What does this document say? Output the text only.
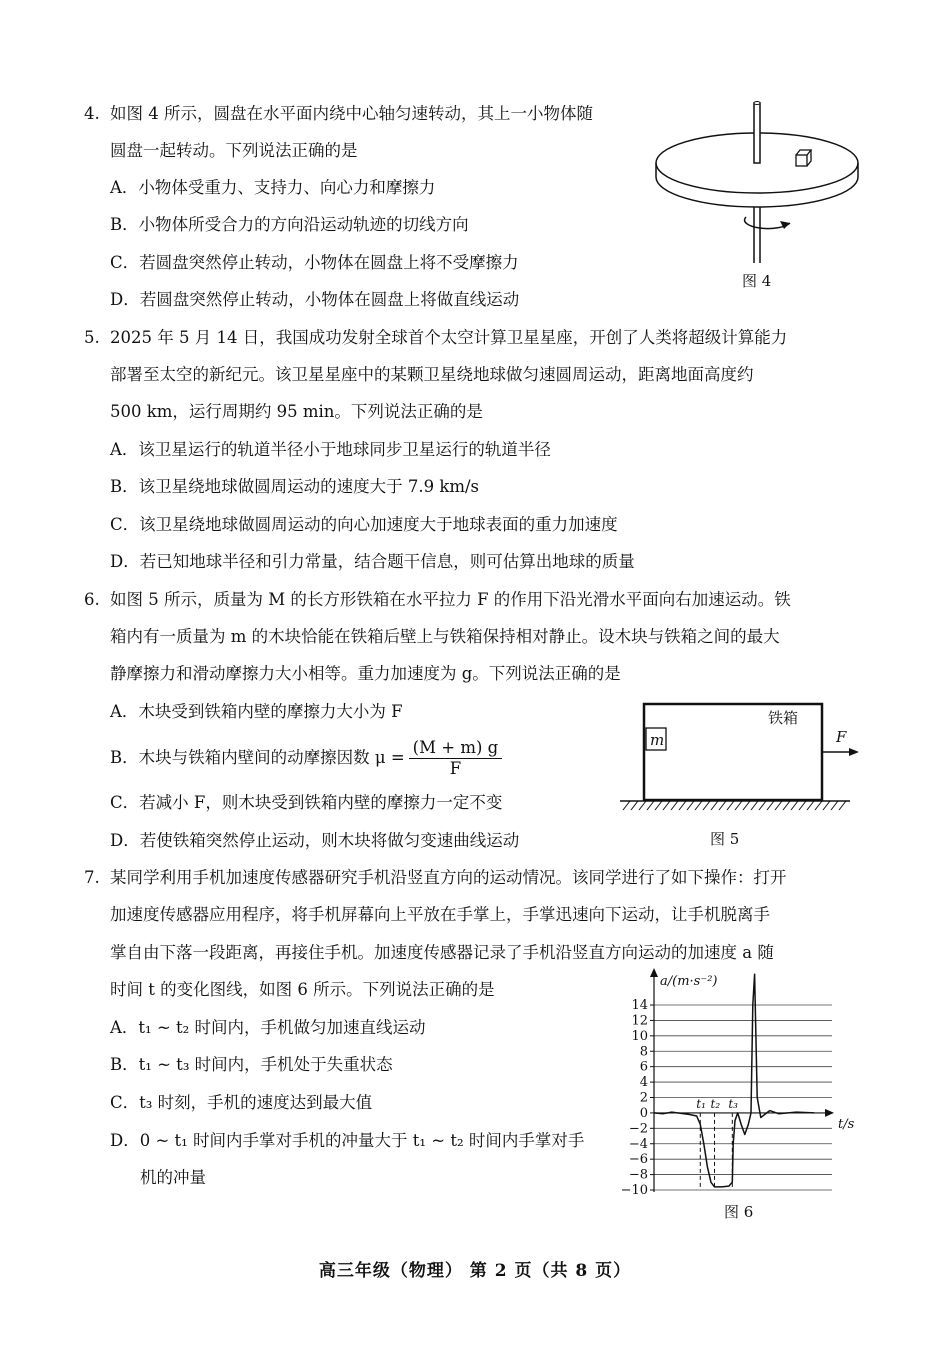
4. 如图 4 所示，圆盘在水平面内绕中心轴匀速转动，其上一小物体随
圆盘一起转动。下列说法正确的是
A．小物体受重力、支持力、向心力和摩擦力
B．小物体所受合力的方向沿运动轨迹的切线方向
C．若圆盘突然停止转动，小物体在圆盘上将不受摩擦力
D．若圆盘突然停止转动，小物体在圆盘上将做直线运动
图 4
5. 2025 年 5 月 14 日，我国成功发射全球首个太空计算卫星星座，开创了人类将超级计算能力
部署至太空的新纪元。该卫星星座中的某颗卫星绕地球做匀速圆周运动，距离地面高度约
500 km，运行周期约 95 min。下列说法正确的是
A．该卫星运行的轨道半径小于地球同步卫星运行的轨道半径
B．该卫星绕地球做圆周运动的速度大于 7.9 km/s
C．该卫星绕地球做圆周运动的向心加速度大于地球表面的重力加速度
D．若已知地球半径和引力常量，结合题干信息，则可估算出地球的质量
6. 如图 5 所示，质量为 M 的长方形铁箱在水平拉力 F 的作用下沿光滑水平面向右加速运动。铁
箱内有一质量为 m 的木块恰能在铁箱后壁上与铁箱保持相对静止。设木块与铁箱之间的最大
静摩擦力和滑动摩擦力大小相等。重力加速度为 g。下列说法正确的是
A．木块受到铁箱内壁的摩擦力大小为 F
B．木块与铁箱内壁间的动摩擦因数 $\mu = \frac{(M + m) g}{F}$
C．若减小 F，则木块受到铁箱内壁的摩擦力一定不变
D．若使铁箱突然停止运动，则木块将做匀变速曲线运动
铁箱
m	F
图 5
7. 某同学利用手机加速度传感器研究手机沿竖直方向的运动情况。该同学进行了如下操作：打开
加速度传感器应用程序，将手机屏幕向上平放在手掌上，手掌迅速向下运动，让手机脱离手
掌自由下落一段距离，再接住手机。加速度传感器记录了手机沿竖直方向运动的加速度 a 随
时间 t 的变化图线，如图 6 所示。下列说法正确的是
A．t₁ ~ t₂ 时间内，手机做匀加速直线运动
B．t₁ ~ t₃ 时间内，手机处于失重状态
C．t₃ 时刻，手机的速度达到最大值
D．0 ~ t₁ 时间内手掌对手机的冲量大于 t₁ ~ t₂ 时间内手掌对手
机的冲量
14
12
10
8
6
4
2
0
−2
−4
−6
−8
−10
a/(m·s⁻²)
t/s
t₁ t₂ t₃
图 6
高三年级（物理） 第 2 页（共 8 页）
